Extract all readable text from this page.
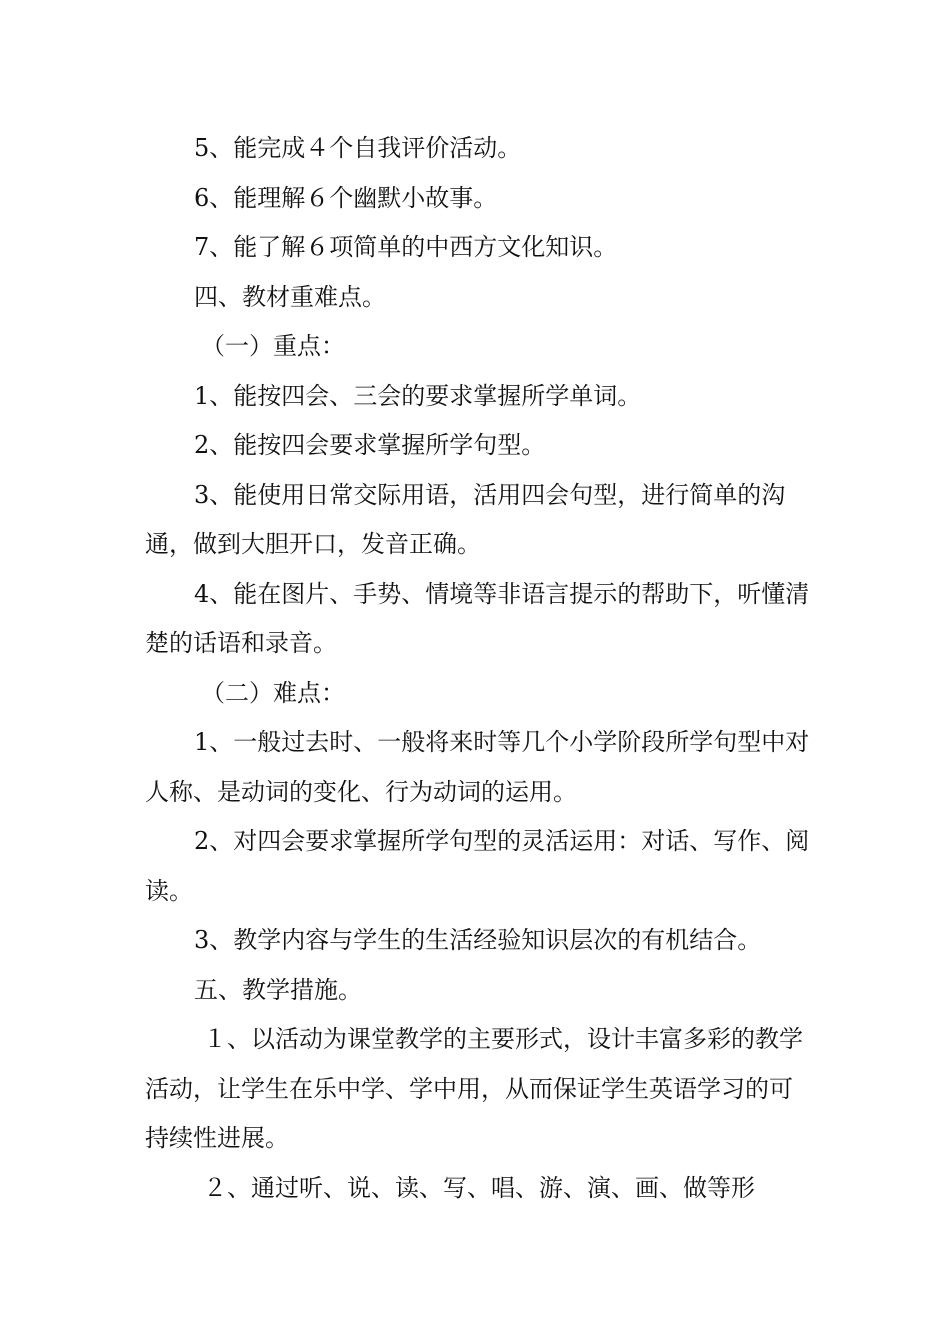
5、能完成４个自我评价活动。

6、能理解６个幽默小故事。

7、能了解６项简单的中西方文化知识。

四、教材重难点。

（一）重点：

1、能按四会、三会的要求掌握所学单词。

2、能按四会要求掌握所学句型。

3、能使用日常交际用语，活用四会句型，进行简单的沟通，做到大胆开口，发音正确。

4、能在图片、手势、情境等非语言提示的帮助下，听懂清楚的话语和录音。

（二）难点：

1、一般过去时、一般将来时等几个小学阶段所学句型中对人称、是动词的变化、行为动词的运用。

2、对四会要求掌握所学句型的灵活运用：对话、写作、阅读。

3、教学内容与学生的生活经验知识层次的有机结合。

五、教学措施。

１、以活动为课堂教学的主要形式，设计丰富多彩的教学活动，让学生在乐中学、学中用，从而保证学生英语学习的可持续性进展。

２、通过听、说、读、写、唱、游、演、画、做等形
